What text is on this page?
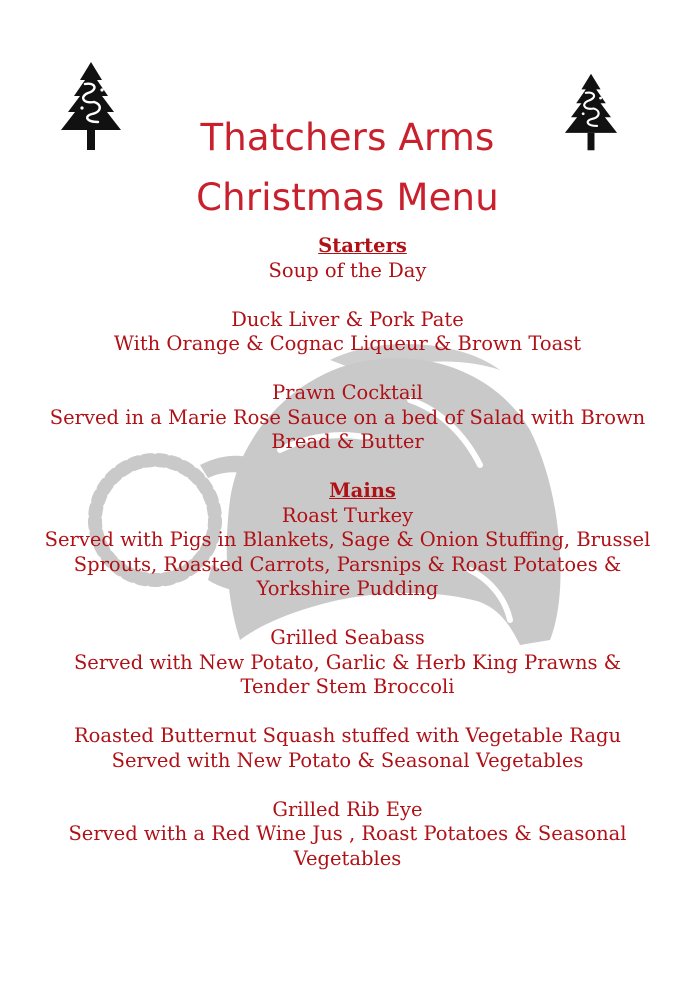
Thatchers Arms
Christmas Menu

Starters

Soup of the Day
Duck Liver & Pork Pate
With Orange & Cognac Liqueur & Brown Toast
Prawn Cocktail
Served in a Marie Rose Sauce on a bed of Salad with Brown
Bread & Butter

Mains

Roast Turkey
Served with Pigs in Blankets, Sage & Onion Stuffing, Brussel
Sprouts, Roasted Carrots, Parsnips & Roast Potatoes &
Yorkshire Pudding
Grilled Seabass
Served with New Potato, Garlic & Herb King Prawns &
Tender Stem Broccoli
Roasted Butternut Squash stuffed with Vegetable Ragu
Served with New Potato & Seasonal Vegetables
Grilled Rib Eye
Served with a Red Wine Jus , Roast Potatoes & Seasonal
Vegetables
